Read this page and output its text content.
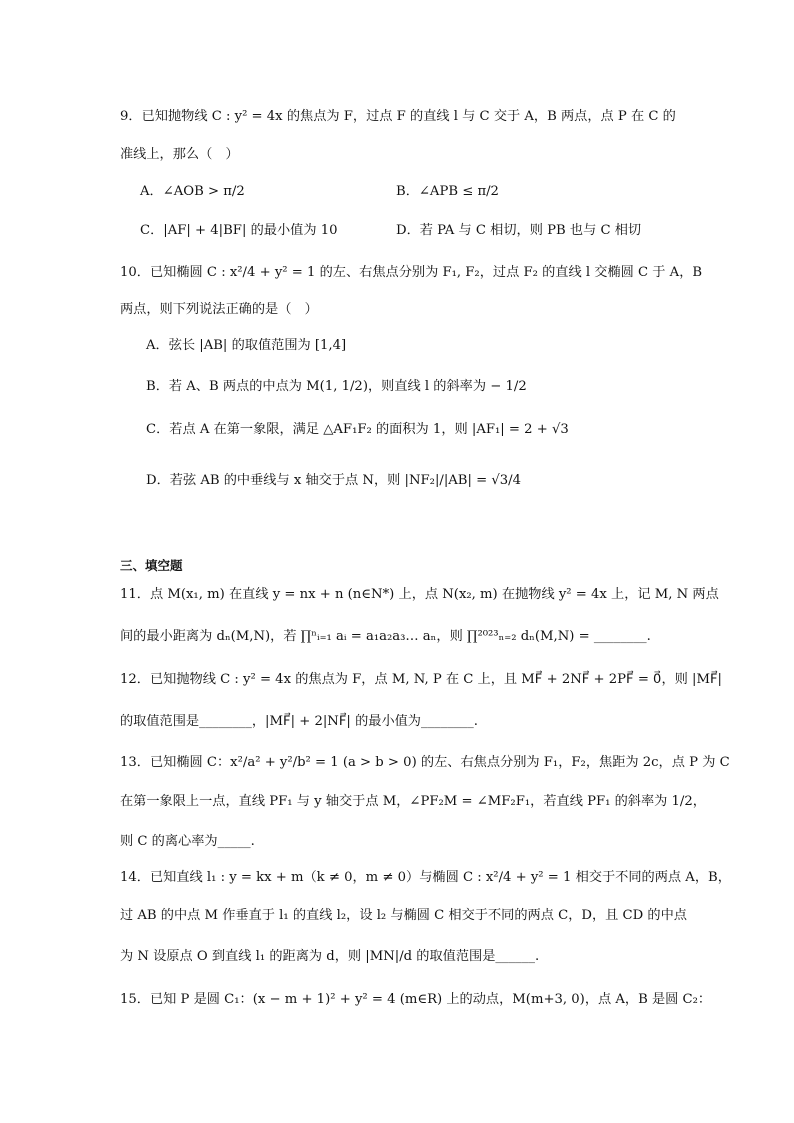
9．已知抛物线 C : y² = 4x 的焦点为 F，过点 F 的直线 l 与 C 交于 A，B 两点，点 P 在 C 的
准线上，那么（　）
A．∠AOB > π/2	B．∠APB ≤ π/2
C．|AF| + 4|BF| 的最小值为 10	D．若 PA 与 C 相切，则 PB 也与 C 相切
10．已知椭圆 C : x²/4 + y² = 1 的左、右焦点分别为 F₁, F₂，过点 F₂ 的直线 l 交椭圆 C 于 A，B
两点，则下列说法正确的是（　）
A．弦长 |AB| 的取值范围为 [1,4]
B．若 A、B 两点的中点为 M(1, 1/2)，则直线 l 的斜率为 − 1/2
C．若点 A 在第一象限，满足 △AF₁F₂ 的面积为 1，则 |AF₁| = 2 + √3
D．若弦 AB 的中垂线与 x 轴交于点 N，则 |NF₂|/|AB| = √3/4
三、填空题
11．点 M(x₁, m) 在直线 y = nx + n (n∈N*) 上，点 N(x₂, m) 在抛物线 y² = 4x 上，记 M, N 两点
间的最小距离为 dₙ(M,N)，若 ∏ⁿᵢ₌₁ aᵢ = a₁a₂a₃… aₙ，则 ∏²⁰²³ₙ₌₂ dₙ(M,N) = ________.
12．已知抛物线 C : y² = 4x 的焦点为 F，点 M, N, P 在 C 上，且 MF⃗ + 2NF⃗ + 2PF⃗ = 0⃗，则 |MF⃗|
的取值范围是________，|MF⃗| + 2|NF⃗| 的最小值为________.
13．已知椭圆 C：x²/a² + y²/b² = 1 (a > b > 0) 的左、右焦点分别为 F₁，F₂，焦距为 2c，点 P 为 C
在第一象限上一点，直线 PF₁ 与 y 轴交于点 M，∠PF₂M = ∠MF₂F₁，若直线 PF₁ 的斜率为 1/2，
则 C 的离心率为_____.
14．已知直线 l₁ : y = kx + m（k ≠ 0，m ≠ 0）与椭圆 C : x²/4 + y² = 1 相交于不同的两点 A，B，
过 AB 的中点 M 作垂直于 l₁ 的直线 l₂，设 l₂ 与椭圆 C 相交于不同的两点 C，D，且 CD 的中点
为 N 设原点 O 到直线 l₁ 的距离为 d，则 |MN|/d 的取值范围是______.
15．已知 P 是圆 C₁：(x − m + 1)² + y² = 4 (m∈R) 上的动点，M(m+3, 0)，点 A，B 是圆 C₂：
